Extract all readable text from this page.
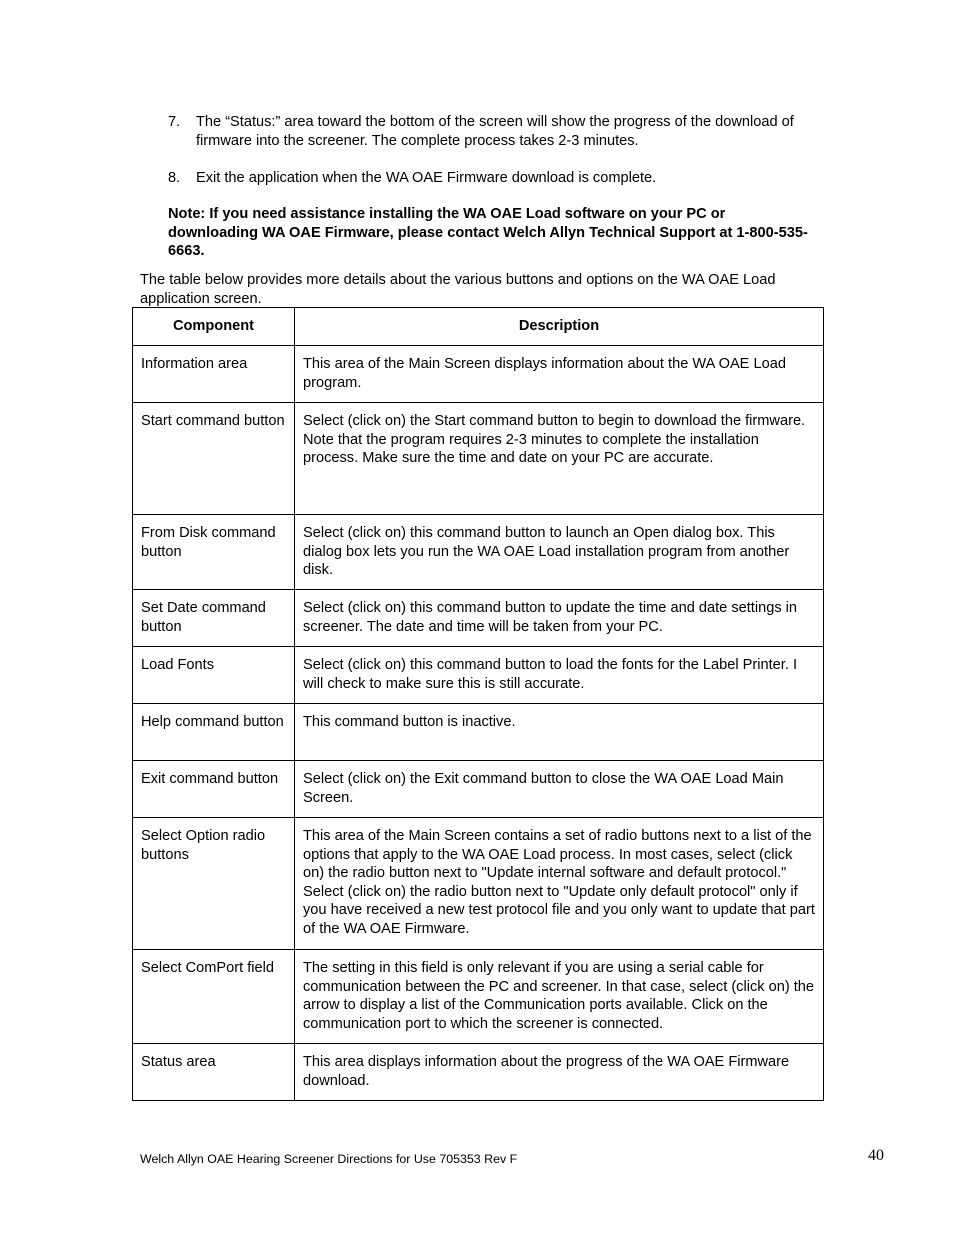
7. The “Status:” area toward the bottom of the screen will show the progress of the download of firmware into the screener. The complete process takes 2-3 minutes.
8. Exit the application when the WA OAE Firmware download is complete.
Note: If you need assistance installing the WA OAE Load software on your PC or downloading WA OAE Firmware, please contact Welch Allyn Technical Support at 1-800-535-6663.
The table below provides more details about the various buttons and options on the WA OAE Load application screen.
Component	Description

Information area	This area of the Main Screen displays information about the WA OAE Load program.

Start command button	Select (click on) the Start command button to begin to download the firmware. Note that the program requires 2-3 minutes to complete the installation process. Make sure the time and date on your PC are accurate.

From Disk command button	Select (click on) this command button to launch an Open dialog box. This dialog box lets you run the WA OAE Load installation program from another disk.

Set Date command button	Select (click on) this command button to update the time and date settings in screener. The date and time will be taken from your PC.

Load Fonts	Select (click on) this command button to load the fonts for the Label Printer. I will check to make sure this is still accurate.

Help command button	This command button is inactive.

Exit command button	Select (click on) the Exit command button to close the WA OAE Load Main Screen.

Select Option radio buttons	This area of the Main Screen contains a set of radio buttons next to a list of the options that apply to the WA OAE Load process. In most cases, select (click on) the radio button next to "Update internal software and default protocol." Select (click on) the radio button next to "Update only default protocol" only if you have received a new test protocol file and you only want to update that part of the WA OAE Firmware.

Select ComPort field	The setting in this field is only relevant if you are using a serial cable for communication between the PC and screener. In that case, select (click on) the arrow to display a list of the Communication ports available. Click on the communication port to which the screener is connected.

Status area	This area displays information about the progress of the WA OAE Firmware download.
Welch Allyn OAE Hearing Screener Directions for Use 705353 Rev F	40
